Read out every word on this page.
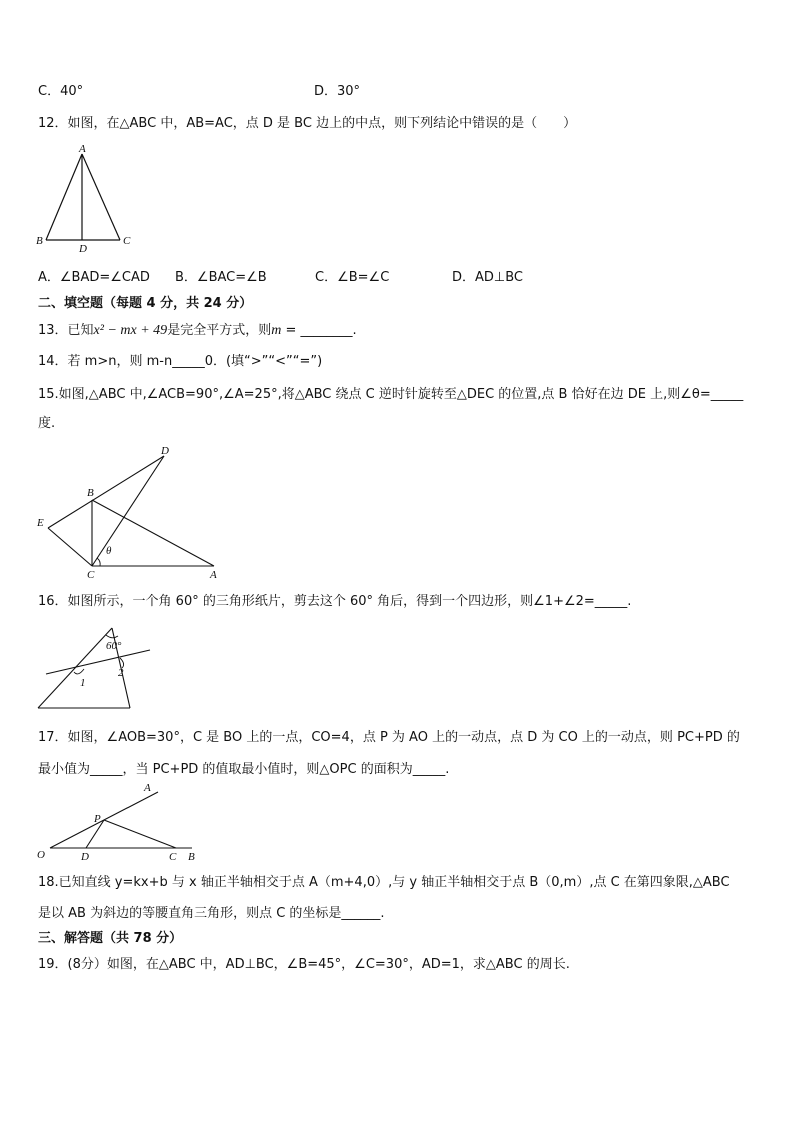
C．40°	D．30°
12．如图，在△ABC 中，AB=AC，点 D 是 BC 边上的中点，则下列结论中错误的是（　　）
A
B	C
D
A．∠BAD=∠CAD B．∠BAC=∠B	C．∠B=∠C	D．AD⊥BC
二、填空题（每题 4 分，共 24 分）
13．已知x² − mx + 49是完全平方式，则m = ________.
14．若 m>n，则 m-n_____0．(填“>”“<”“=”)
15.如图,△ABC 中,∠ACB=90°,∠A=25°,将△ABC 绕点 C 逆时针旋转至△DEC 的位置,点 B 恰好在边 DE 上,则∠θ=_____
度.
D
B
E
C	A
θ
16．如图所示，一个角 60° 的三角形纸片，剪去这个 60° 角后，得到一个四边形，则∠1+∠2=_____.
60°
1
2
17．如图，∠AOB=30°，C 是 BO 上的一点，CO=4，点 P 为 AO 上的一动点，点 D 为 CO 上的一动点，则 PC+PD 的
最小值为_____，当 PC+PD 的值取最小值时，则△OPC 的面积为_____.
A
P
O	D	C B
18.已知直线 y=kx+b 与 x 轴正半轴相交于点 A（m+4,0）,与 y 轴正半轴相交于点 B（0,m）,点 C 在第四象限,△ABC
是以 AB 为斜边的等腰直角三角形，则点 C 的坐标是______.
三、解答题（共 78 分）
19．(8分）如图，在△ABC 中，AD⊥BC，∠B=45°，∠C=30°，AD=1，求△ABC 的周长.
